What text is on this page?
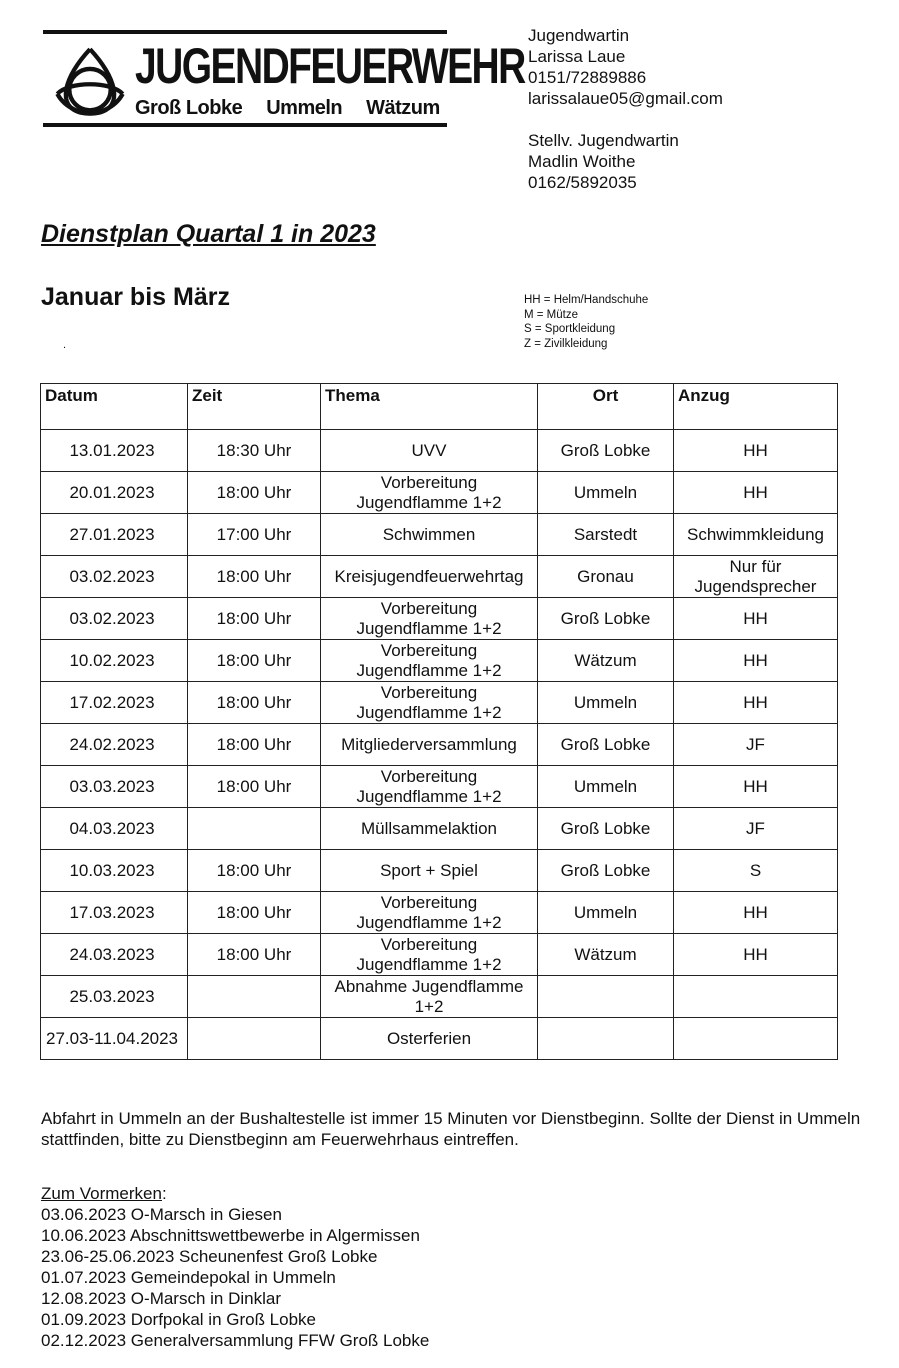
JUGENDFEUERWEHR
Groß Lobke Ummeln Wätzum
Jugendwartin
Larissa Laue
0151/72889886
larissalaue05@gmail.com
Stellv. Jugendwartin
Madlin Woithe
0162/5892035
Dienstplan Quartal 1 in 2023
Januar bis März
.
HH = Helm/Handschuhe
M = Mütze
S = Sportkleidung
Z = Zivilkleidung
Datum	Zeit	Thema	Ort	Anzug
13.01.2023	18:30 Uhr	UVV	Groß Lobke	HH
20.01.2023	18:00 Uhr	Vorbereitung Jugendflamme 1+2	Ummeln	HH
27.01.2023	17:00 Uhr	Schwimmen	Sarstedt	Schwimmkleidung
03.02.2023	18:00 Uhr	Kreisjugendfeuerwehrtag	Gronau	Nur für Jugendsprecher
03.02.2023	18:00 Uhr	Vorbereitung Jugendflamme 1+2	Groß Lobke	HH
10.02.2023	18:00 Uhr	Vorbereitung Jugendflamme 1+2	Wätzum	HH
17.02.2023	18:00 Uhr	Vorbereitung Jugendflamme 1+2	Ummeln	HH
24.02.2023	18:00 Uhr	Mitgliederversammlung	Groß Lobke	JF
03.03.2023	18:00 Uhr	Vorbereitung Jugendflamme 1+2	Ummeln	HH
04.03.2023		Müllsammelaktion	Groß Lobke	JF
10.03.2023	18:00 Uhr	Sport + Spiel	Groß Lobke	S
17.03.2023	18:00 Uhr	Vorbereitung Jugendflamme 1+2	Ummeln	HH
24.03.2023	18:00 Uhr	Vorbereitung Jugendflamme 1+2	Wätzum	HH
25.03.2023		Abnahme Jugendflamme 1+2		
27.03-11.04.2023		Osterferien		
Abfahrt in Ummeln an der Bushaltestelle ist immer 15 Minuten vor Dienstbeginn. Sollte der Dienst in Ummeln stattfinden, bitte zu Dienstbeginn am Feuerwehrhaus eintreffen.
Zum Vormerken:
03.06.2023 O-Marsch in Giesen
10.06.2023 Abschnittswettbewerbe in Algermissen
23.06-25.06.2023 Scheunenfest Groß Lobke
01.07.2023 Gemeindepokal in Ummeln
12.08.2023 O-Marsch in Dinklar
01.09.2023 Dorfpokal in Groß Lobke
02.12.2023 Generalversammlung FFW Groß Lobke
